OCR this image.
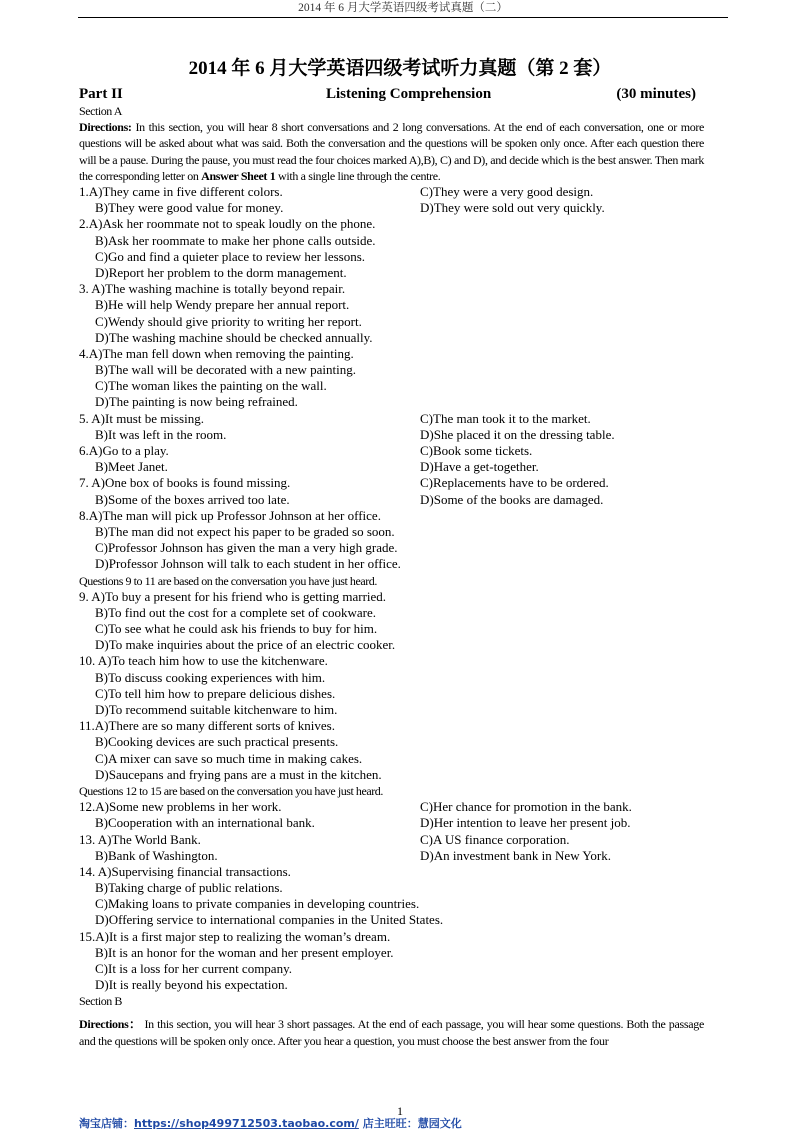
2014 年 6 月大学英语四级考试真题（二）
2014 年 6 月大学英语四级考试听力真题（第 2 套）
Part II	Listening Comprehension	(30 minutes)
Section A
Directions: In this section, you will hear 8 short conversations and 2 long conversations. At the end of each conversation, one or more questions will be asked about what was said. Both the conversation and the questions will be spoken only once. After each question there will be a pause. During the pause, you must read the four choices marked A),B), C) and D), and decide which is the best answer. Then mark the corresponding letter on Answer Sheet 1 with a single line through the centre.
1.A)They came in five different colors.	C)They were a very good design.
B)They were good value for money.	D)They were sold out very quickly.
2.A)Ask her roommate not to speak loudly on the phone.
B)Ask her roommate to make her phone calls outside.
C)Go and find a quieter place to review her lessons.
D)Report her problem to the dorm management.
3. A)The washing machine is totally beyond repair.
B)He will help Wendy prepare her annual report.
C)Wendy should give priority to writing her report.
D)The washing machine should be checked annually.
4.A)The man fell down when removing the painting.
B)The wall will be decorated with a new painting.
C)The woman likes the painting on the wall.
D)The painting is now being refrained.
5. A)It must be missing.	C)The man took it to the market.
B)It was left in the room.	D)She placed it on the dressing table.
6.A)Go to a play.	C)Book some tickets.
B)Meet Janet.	D)Have a get-together.
7. A)One box of books is found missing.	C)Replacements have to be ordered.
B)Some of the boxes arrived too late.	D)Some of the books are damaged.
8.A)The man will pick up Professor Johnson at her office.
B)The man did not expect his paper to be graded so soon.
C)Professor Johnson has given the man a very high grade.
D)Professor Johnson will talk to each student in her office.
Questions 9 to 11 are based on the conversation you have just heard.
9. A)To buy a present for his friend who is getting married.
B)To find out the cost for a complete set of cookware.
C)To see what he could ask his friends to buy for him.
D)To make inquiries about the price of an electric cooker.
10. A)To teach him how to use the kitchenware.
B)To discuss cooking experiences with him.
C)To tell him how to prepare delicious dishes.
D)To recommend suitable kitchenware to him.
11.A)There are so many different sorts of knives.
B)Cooking devices are such practical presents.
C)A mixer can save so much time in making cakes.
D)Saucepans and frying pans are a must in the kitchen.
Questions 12 to 15 are based on the conversation you have just heard.
12.A)Some new problems in her work.	C)Her chance for promotion in the bank.
B)Cooperation with an international bank.	D)Her intention to leave her present job.
13. A)The World Bank.	C)A US finance corporation.
B)Bank of Washington.	D)An investment bank in New York.
14. A)Supervising financial transactions.
B)Taking charge of public relations.
C)Making loans to private companies in developing countries.
D)Offering service to international companies in the United States.
15.A)It is a first major step to realizing the woman’s dream.
B)It is an honor for the woman and her present employer.
C)It is a loss for her current company.
D)It is really beyond his expectation.
Section B
Directions： In this section, you will hear 3 short passages. At the end of each passage, you will hear some questions. Both the passage and the questions will be spoken only once. After you hear a question, you must choose the best answer from the four
1
淘宝店铺：https://shop499712503.taobao.com/ 店主旺旺：慧园文化
